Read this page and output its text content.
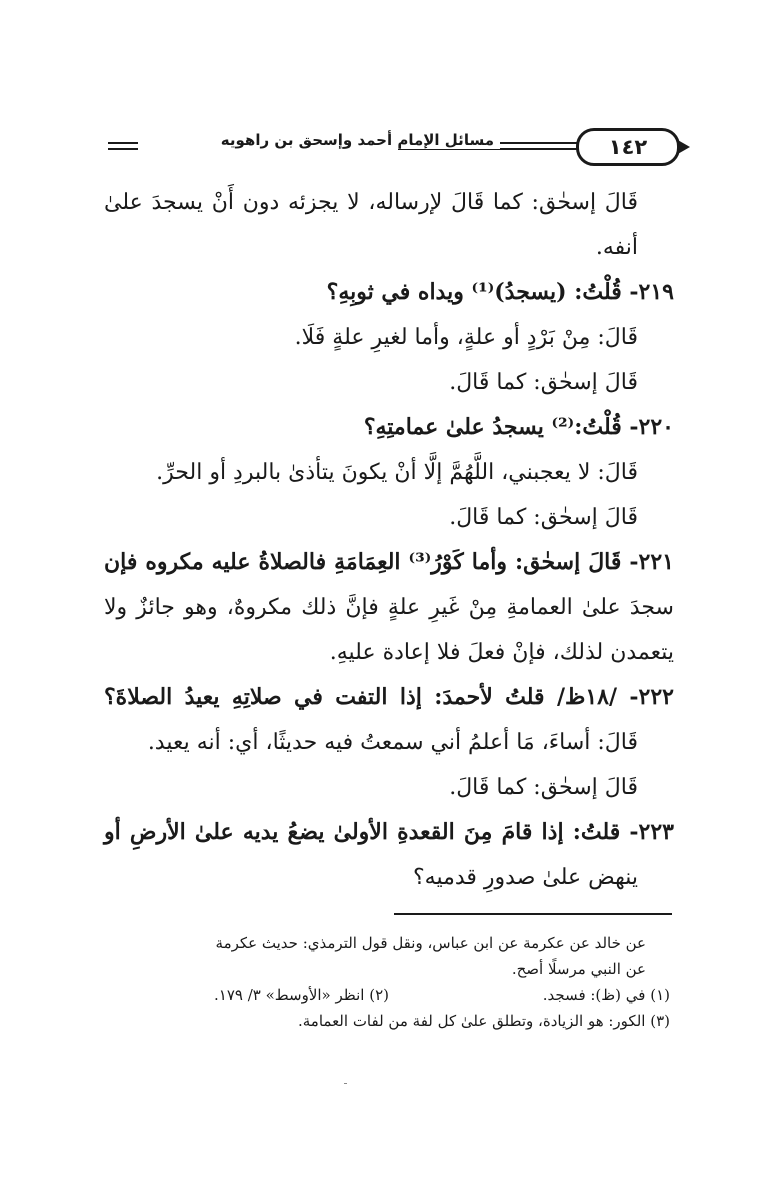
مسائل الإمام أحمد وإسحق بن راهويه	١٤٢
قَالَ إسحٰق: كما قَالَ لإرساله، لا يجزئه دون أَنْ يسجدَ علىٰ
أنفه.
٢١٩- قُلْتُ: (يسجدُ)⁽¹⁾ ويداه في ثوبِهِ؟
قَالَ: مِنْ بَرْدٍ أو علةٍ، وأما لغيرِ علةٍ فَلَا.
قَالَ إسحٰق: كما قَالَ.
٢٢٠- قُلْتُ:⁽²⁾ يسجدُ علىٰ عمامتِهِ؟
قَالَ: لا يعجبني، اللَّهُمَّ إلَّا أنْ يكونَ يتأذىٰ بالبردِ أو الحرِّ.
قَالَ إسحٰق: كما قَالَ.
٢٢١- قَالَ إسحٰق: وأما كَوْرُ⁽³⁾ العِمَامَةِ فالصلاةُ عليه مكروه فإن
سجدَ علىٰ العمامةِ مِنْ غَيرِ علةٍ فإنَّ ذلك مكروهٌ، وهو جائزٌ ولا
يتعمدن لذلك، فإنْ فعلَ فلا إعادة عليهِ.
٢٢٢- /١٨ظ/ قلتُ لأحمدَ: إذا التفت في صلاتِهِ يعيدُ الصلاةَ؟
قَالَ: أساءَ، مَا أعلمُ أني سمعتُ فيه حديثًا، أي: أنه يعيد.
قَالَ إسحٰق: كما قَالَ.
٢٢٣- قلتُ: إذا قامَ مِنَ القعدةِ الأولىٰ يضعُ يديه علىٰ الأرضِ أو
ينهض علىٰ صدورِ قدميه؟
عن خالد عن عكرمة عن ابن عباس، ونقل قول الترمذي: حديث عكرمة
عن النبي مرسلًا أصح.
(١) في (ظ): فسجد.
(٢) انظر «الأوسط» ٣/ ١٧٩.
(٣) الكور: هو الزيادة، وتطلق علىٰ كل لفة من لفات العمامة.
